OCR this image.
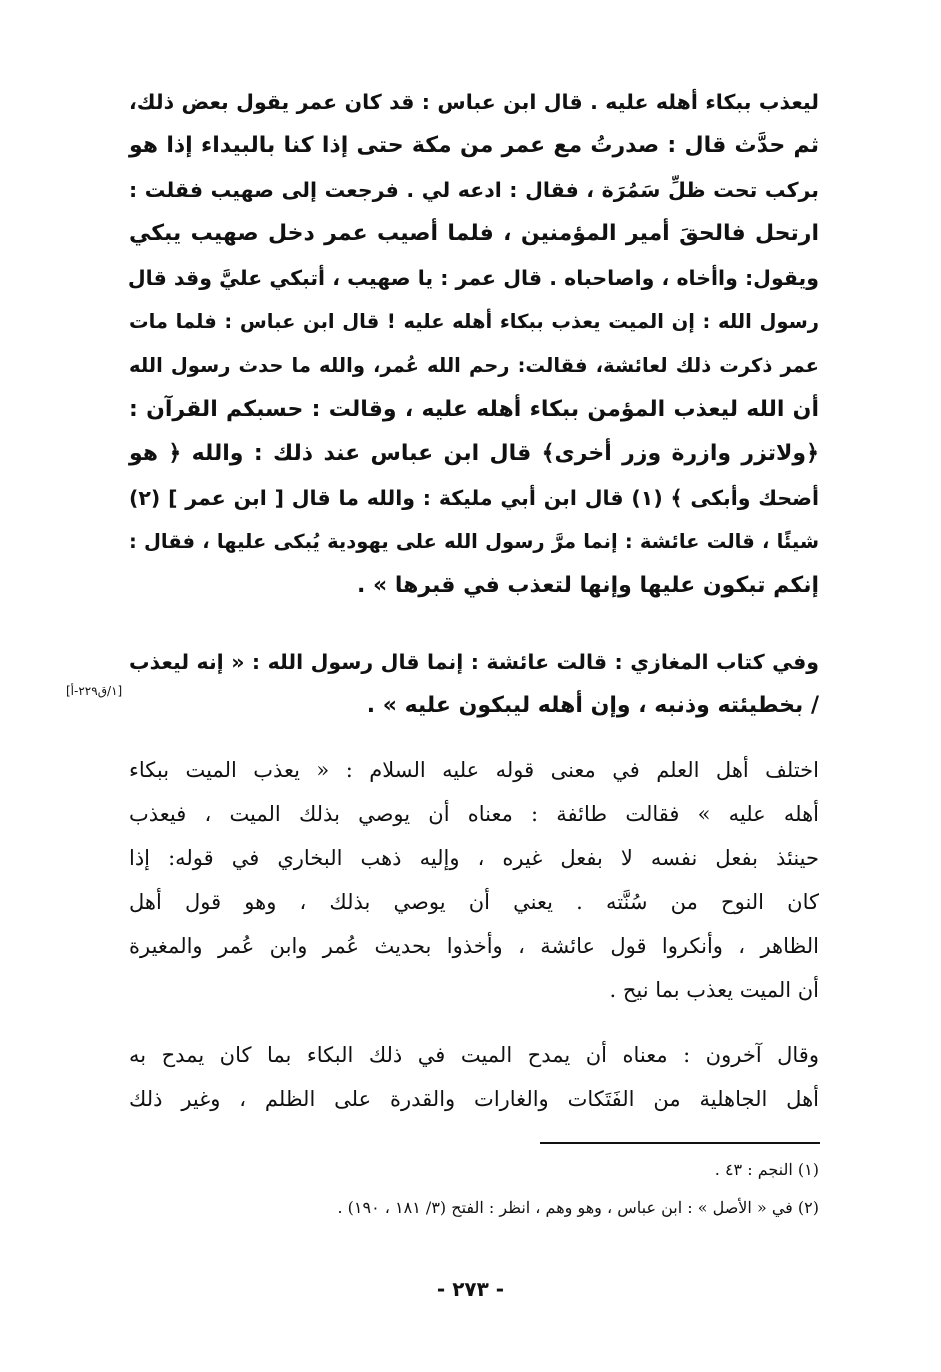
ليعذب ببكاء أهله عليه . قال ابن عباس : قد كان عمر يقول بعض ذلك،
ثم حدَّث قال : صدرتُ مع عمر من مكة حتى إذا كنا بالبيداء إذا هو
بركب تحت ظلِّ سَمُرَة ، فقال : ادعه لي . فرجعت إلى صهيب فقلت :
ارتحل فالحقَ أمير المؤمنين ، فلما أصيب عمر دخل صهيب يبكي
ويقول: واأخاه ، واصاحباه . قال عمر : يا صهيب ، أتبكي عليَّ وقد قال
رسول الله : إن الميت يعذب ببكاء أهله عليه ! قال ابن عباس : فلما مات
عمر ذكرت ذلك لعائشة، فقالت: رحم الله عُمر، والله ما حدث رسول الله
أن الله ليعذب المؤمن ببكاء أهله عليه ، وقالت : حسبكم القرآن :
﴿ولاتزر وازرة وزر أخرى﴾ قال ابن عباس عند ذلك : والله ﴿ هو
أضحك وأبكى ﴾ (١) قال ابن أبي مليكة : والله ما قال [ ابن عمر ] (٢)
شيئًا ، قالت عائشة : إنما مرَّ رسول الله على يهودية يُبكى عليها ، فقال :
إنكم تبكون عليها وإنها لتعذب في قبرها » .
وفي كتاب المغازي : قالت عائشة : إنما قال رسول الله : « إنه ليعذب
/ بخطيئته وذنبه ، وإن أهله ليبكون عليه » .
[١/ق٢٢٩-أ]
اختلف أهل العلم في معنى قوله عليه السلام : « يعذب الميت ببكاء
أهله عليه » فقالت طائفة : معناه أن يوصي بذلك الميت ، فيعذب
حينئذ بفعل نفسه لا بفعل غيره ، وإليه ذهب البخاري في قوله: إذا
كان النوح من سُنَّته . يعني أن يوصي بذلك ، وهو قول أهل
الظاهر ، وأنكروا قول عائشة ، وأخذوا بحديث عُمر وابن عُمر والمغيرة
أن الميت يعذب بما نيح .
وقال آخرون : معناه أن يمدح الميت في ذلك البكاء بما كان يمدح به
أهل الجاهلية من الفَتَكات والغارات والقدرة على الظلم ، وغير ذلك
(١) النجم : ٤٣ .
(٢) في « الأصل » : ابن عباس ، وهو وهم ، انظر : الفتح (٣/ ١٨١ ، ١٩٠) .
- ٢٧٣ -
